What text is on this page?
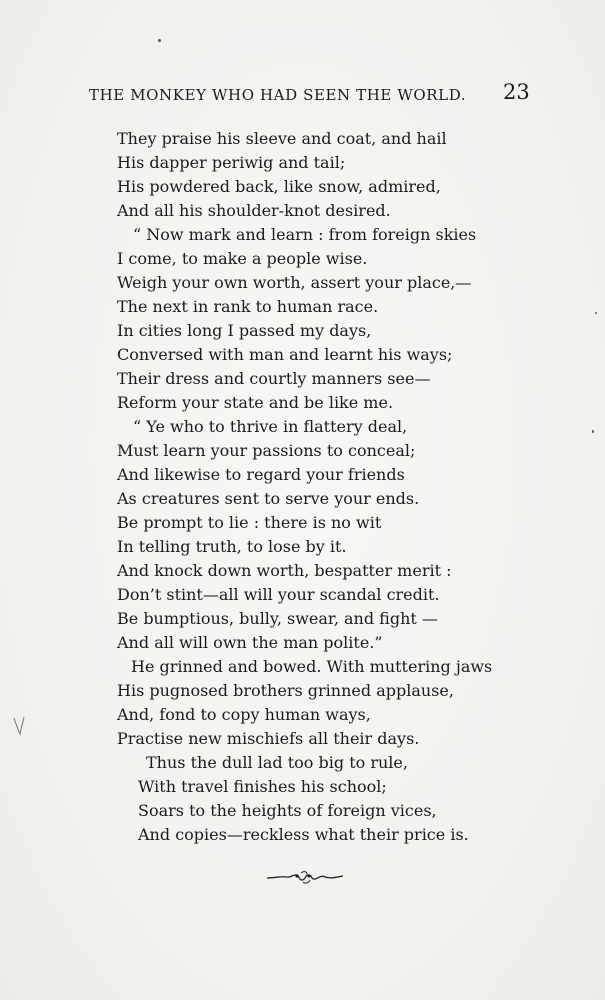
THE MONKEY WHO HAD SEEN THE WORLD. 23
They praise his sleeve and coat, and hail
His dapper periwig and tail;
His powdered back, like snow, admired,
And all his shoulder-knot desired.
“ Now mark and learn : from foreign skies
I come, to make a people wise.
Weigh your own worth, assert your place,—
The next in rank to human race.
In cities long I passed my days,
Conversed with man and learnt his ways;
Their dress and courtly manners see—
Reform your state and be like me.
“ Ye who to thrive in flattery deal,
Must learn your passions to conceal;
And likewise to regard your friends
As creatures sent to serve your ends.
Be prompt to lie : there is no wit
In telling truth, to lose by it.
And knock down worth, bespatter merit :
Don’t stint—all will your scandal credit.
Be bumptious, bully, swear, and fight —
And all will own the man polite.”
He grinned and bowed. With muttering jaws
His pugnosed brothers grinned applause,
And, fond to copy human ways,
Practise new mischiefs all their days.
Thus the dull lad too big to rule,
With travel finishes his school;
Soars to the heights of foreign vices,
And copies—reckless what their price is.
